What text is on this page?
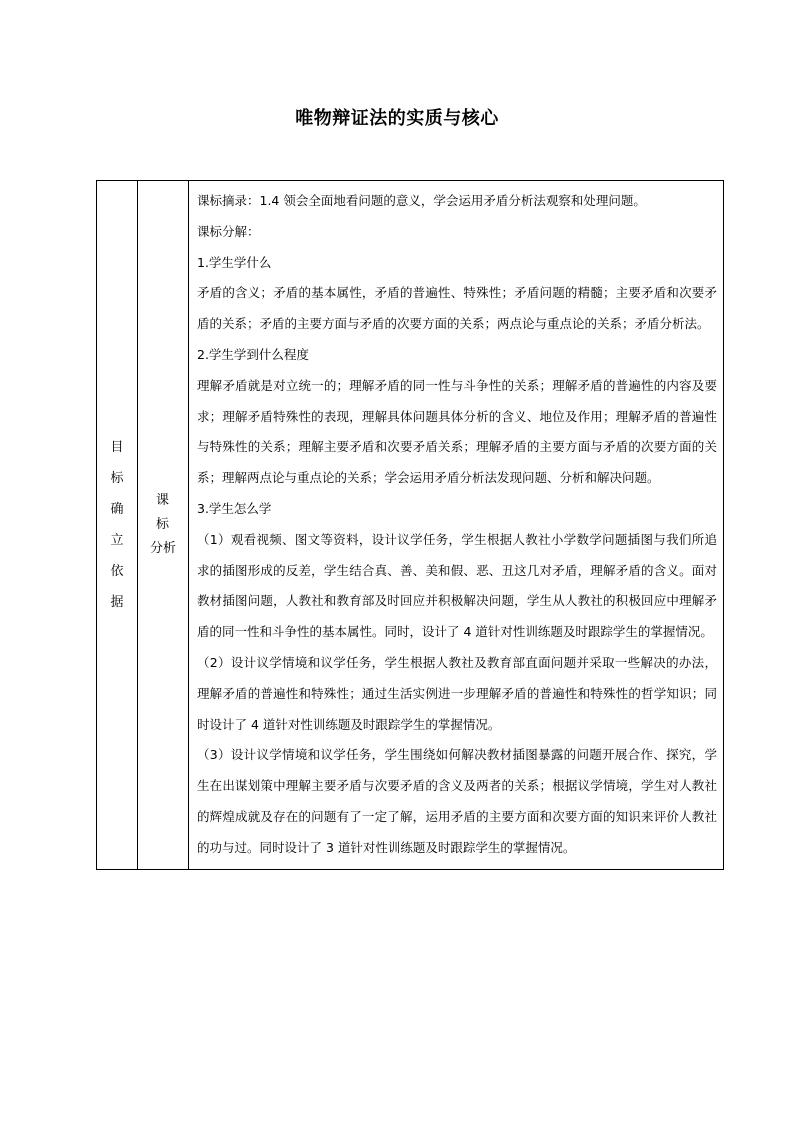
唯物辩证法的实质与核心
目
标
确
立
依
据

课 标
分析

课标摘录：1.4 领会全面地看问题的意义，学会运用矛盾分析法观察和处理问题。

课标分解：

1.学生学什么

矛盾的含义；矛盾的基本属性，矛盾的普遍性、特殊性；矛盾问题的精髓；主要矛盾和次要矛盾的关系；矛盾的主要方面与矛盾的次要方面的关系；两点论与重点论的关系；矛盾分析法。

2.学生学到什么程度

理解矛盾就是对立统一的；理解矛盾的同一性与斗争性的关系；理解矛盾的普遍性的内容及要求；理解矛盾特殊性的表现，理解具体问题具体分析的含义、地位及作用；理解矛盾的普遍性与特殊性的关系；理解主要矛盾和次要矛盾关系；理解矛盾的主要方面与矛盾的次要方面的关系；理解两点论与重点论的关系；学会运用矛盾分析法发现问题、分析和解决问题。

3.学生怎么学

（1）观看视频、图文等资料，设计议学任务，学生根据人教社小学数学问题插图与我们所追求的插图形成的反差，学生结合真、善、美和假、恶、丑这几对矛盾，理解矛盾的含义。面对教材插图问题，人教社和教育部及时回应并积极解决问题，学生从人教社的积极回应中理解矛盾的同一性和斗争性的基本属性。同时，设计了 4 道针对性训练题及时跟踪学生的掌握情况。

（2）设计议学情境和议学任务，学生根据人教社及教育部直面问题并采取一些解决的办法，理解矛盾的普遍性和特殊性；通过生活实例进一步理解矛盾的普遍性和特殊性的哲学知识；同时设计了 4 道针对性训练题及时跟踪学生的掌握情况。

（3）设计议学情境和议学任务，学生围绕如何解决教材插图暴露的问题开展合作、探究，学生在出谋划策中理解主要矛盾与次要矛盾的含义及两者的关系；根据议学情境，学生对人教社的辉煌成就及存在的问题有了一定了解，运用矛盾的主要方面和次要方面的知识来评价人教社的功与过。同时设计了 3 道针对性训练题及时跟踪学生的掌握情况。
